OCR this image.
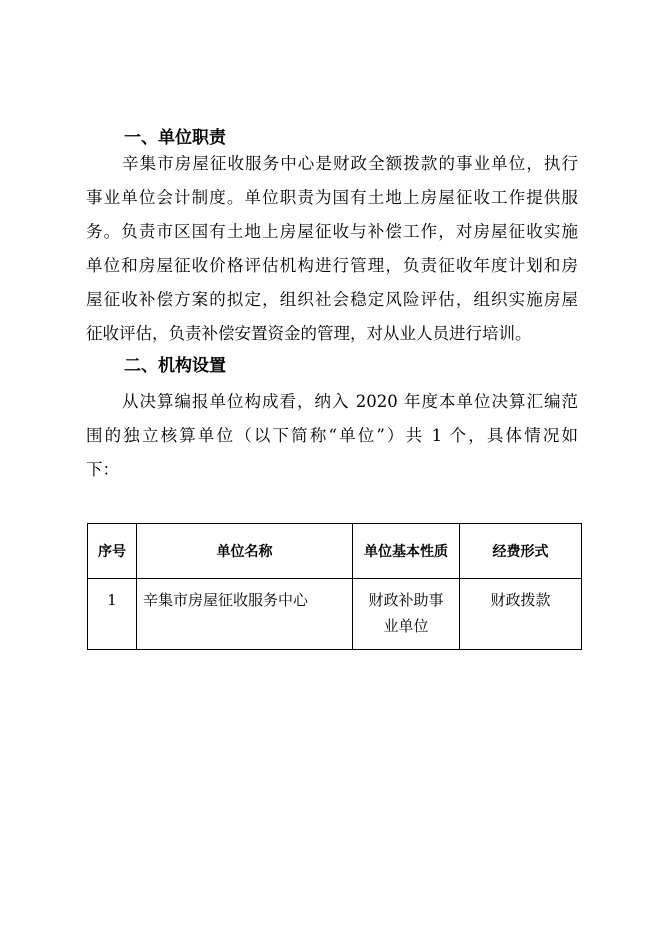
一、单位职责
辛集市房屋征收服务中心是财政全额拨款的事业单位，执行
事业单位会计制度。单位职责为国有土地上房屋征收工作提供服
务。负责市区国有土地上房屋征收与补偿工作，对房屋征收实施
单位和房屋征收价格评估机构进行管理，负责征收年度计划和房
屋征收补偿方案的拟定，组织社会稳定风险评估，组织实施房屋
征收评估，负责补偿安置资金的管理，对从业人员进行培训。
二、机构设置
从决算编报单位构成看，纳入 2020 年度本单位决算汇编范
围的独立核算单位（以下简称“单位”）共 1 个，具体情况如
下：
序号	单位名称	单位基本性质	经费形式
1	辛集市房屋征收服务中心	财政补助事
业单位	财政拨款
